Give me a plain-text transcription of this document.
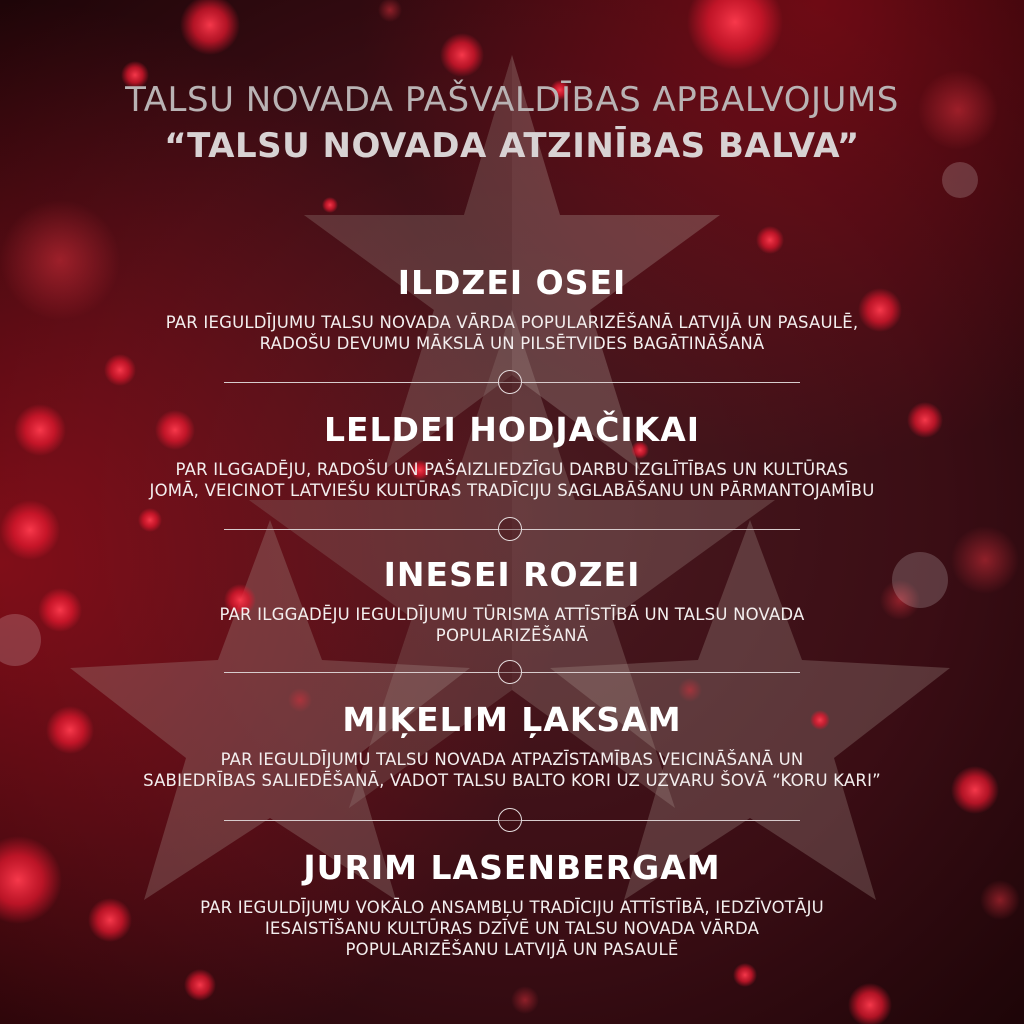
TALSU NOVADA PAŠVALDĪBAS APBALVOJUMS
“TALSU NOVADA ATZINĪBAS BALVA”
ILDZEI OSEI
PAR IEGULDĪJUMU TALSU NOVADA VĀRDA POPULARIZĒŠANĀ LATVIJĀ UN PASAULĒ,
RADOŠU DEVUMU MĀKSLĀ UN PILSĒTVIDES BAGĀTINĀŠANĀ
LELDEI HODJAČIKAI
PAR ILGGADĒJU, RADOŠU UN PAŠAIZLIEDZĪGU DARBU IZGLĪTĪBAS UN KULTŪRAS
JOMĀ, VEICINOT LATVIEŠU KULTŪRAS TRADĪCIJU SAGLABĀŠANU UN PĀRMANTOJAMĪBU
INESEI ROZEI
PAR ILGGADĒJU IEGULDĪJUMU TŪRISMA ATTĪSTĪBĀ UN TALSU NOVADA
POPULARIZĒŠANĀ
MIĶELIM ĻAKSAM
PAR IEGULDĪJUMU TALSU NOVADA ATPAZĪSTAMĪBAS VEICINĀŠANĀ UN
SABIEDRĪBAS SALIEDĒŠANĀ, VADOT TALSU BALTO KORI UZ UZVARU ŠOVĀ “KORU KARI”
JURIM LASENBERGAM
PAR IEGULDĪJUMU VOKĀLO ANSAMBĻU TRADĪCIJU ATTĪSTĪBĀ, IEDZĪVOTĀJU
IESAISTĪŠANU KULTŪRAS DZĪVĒ UN TALSU NOVADA VĀRDA
POPULARIZĒŠANU LATVIJĀ UN PASAULĒ
